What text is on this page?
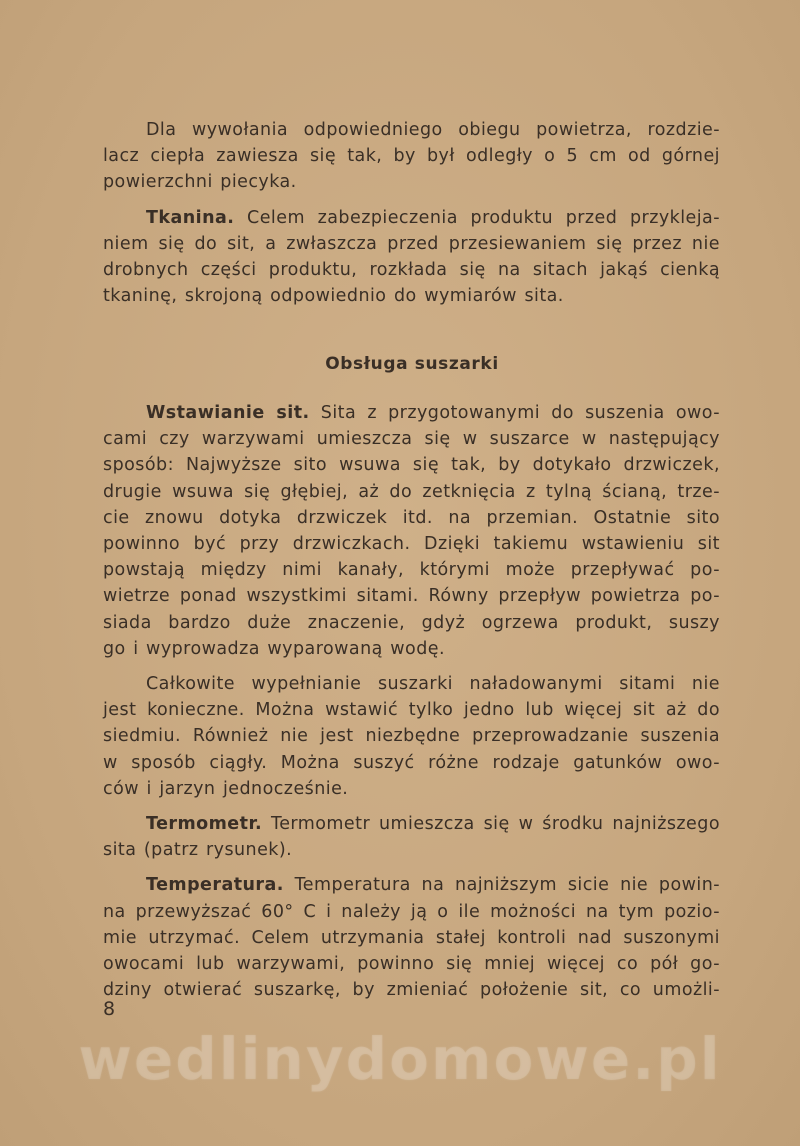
Dla wywołania odpowiedniego obiegu powietrza, rozdzie-
lacz ciepła zawiesza się tak, by był odległy o 5 cm od górnej
powierzchni piecyka.
Tkanina. Celem zabezpieczenia produktu przed przykleja-
niem się do sit, a zwłaszcza przed przesiewaniem się przez nie
drobnych części produktu, rozkłada się na sitach jakąś cienką
tkaninę, skrojoną odpowiednio do wymiarów sita.
Obsługa suszarki
Wstawianie sit. Sita z przygotowanymi do suszenia owo-
cami czy warzywami umieszcza się w suszarce w następujący
sposób: Najwyższe sito wsuwa się tak, by dotykało drzwiczek,
drugie wsuwa się głębiej, aż do zetknięcia z tylną ścianą, trze-
cie znowu dotyka drzwiczek itd. na przemian. Ostatnie sito
powinno być przy drzwiczkach. Dzięki takiemu wstawieniu sit
powstają między nimi kanały, którymi może przepływać po-
wietrze ponad wszystkimi sitami. Równy przepływ powietrza po-
siada bardzo duże znaczenie, gdyż ogrzewa produkt, suszy
go i wyprowadza wyparowaną wodę.
Całkowite wypełnianie suszarki naładowanymi sitami nie
jest konieczne. Można wstawić tylko jedno lub więcej sit aż do
siedmiu. Również nie jest niezbędne przeprowadzanie suszenia
w sposób ciągły. Można suszyć różne rodzaje gatunków owo-
ców i jarzyn jednocześnie.
Termometr. Termometr umieszcza się w środku najniższego
sita (patrz rysunek).
Temperatura. Temperatura na najniższym sicie nie powin-
na przewyższać 60° C i należy ją o ile możności na tym pozio-
mie utrzymać. Celem utrzymania stałej kontroli nad suszonymi
owocami lub warzywami, powinno się mniej więcej co pół go-
dziny otwierać suszarkę, by zmieniać położenie sit, co umożli-
8
wedlinydomowe.pl
